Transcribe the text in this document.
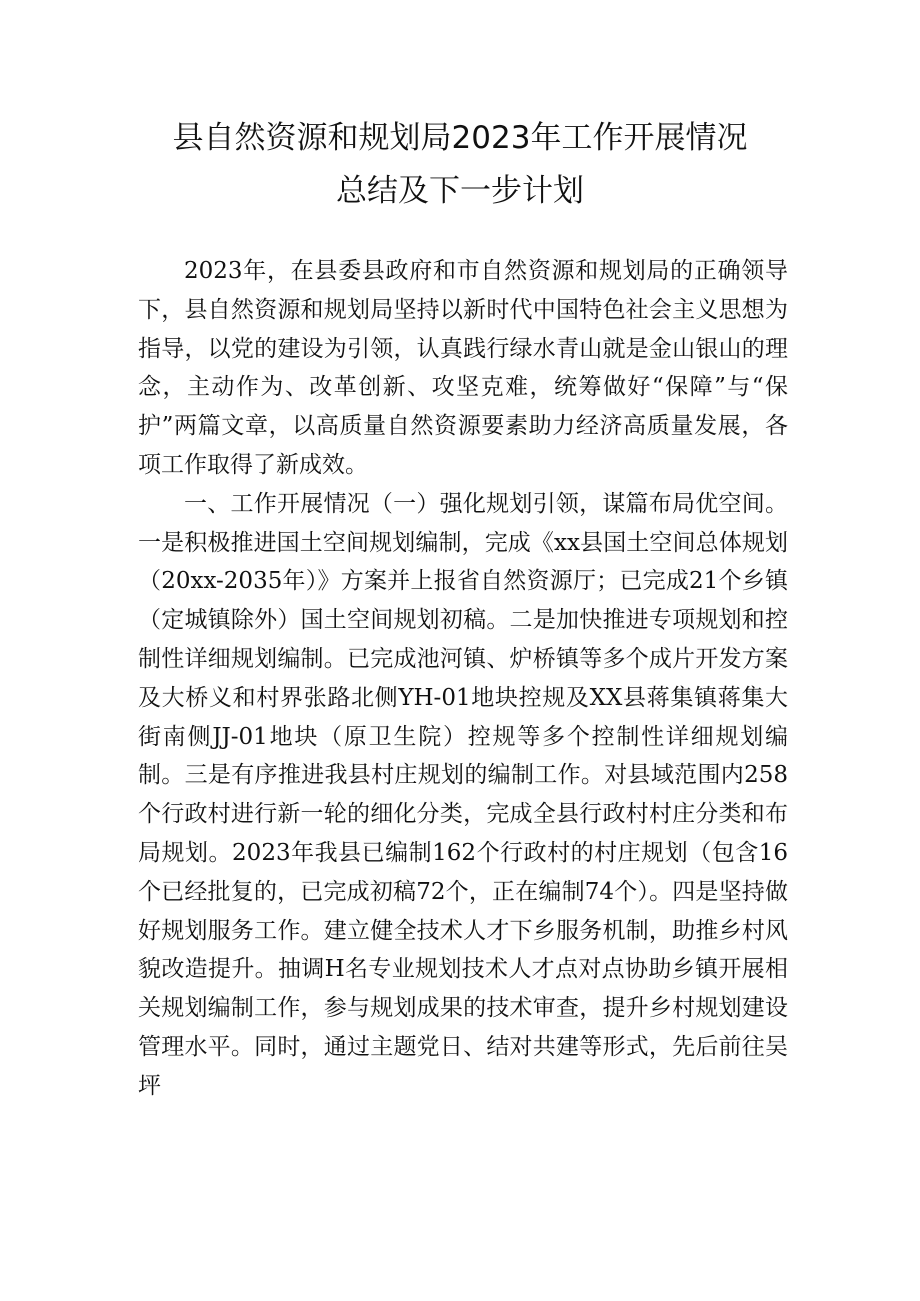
县自然资源和规划局2023年工作开展情况
总结及下一步计划

2023年，在县委县政府和市自然资源和规划局的正确领导下，县自然资源和规划局坚持以新时代中国特色社会主义思想为指导，以党的建设为引领，认真践行绿水青山就是金山银山的理念，主动作为、改革创新、攻坚克难，统筹做好“保障”与“保护”两篇文章，以高质量自然资源要素助力经济高质量发展，各项工作取得了新成效。

一、工作开展情况（一）强化规划引领，谋篇布局优空间。一是积极推进国土空间规划编制，完成《xx县国土空间总体规划（20xx-2035年）》方案并上报省自然资源厅；已完成21个乡镇（定城镇除外）国土空间规划初稿。二是加快推进专项规划和控制性详细规划编制。已完成池河镇、炉桥镇等多个成片开发方案及大桥义和村界张路北侧YH-01地块控规及XX县蒋集镇蒋集大街南侧JJ-01地块（原卫生院）控规等多个控制性详细规划编制。三是有序推进我县村庄规划的编制工作。对县域范围内258个行政村进行新一轮的细化分类，完成全县行政村村庄分类和布局规划。2023年我县已编制162个行政村的村庄规划（包含16个已经批复的，已完成初稿72个，正在编制74个）。四是坚持做好规划服务工作。建立健全技术人才下乡服务机制，助推乡村风貌改造提升。抽调H名专业规划技术人才点对点协助乡镇开展相关规划编制工作，参与规划成果的技术审查，提升乡村规划建设管理水平。同时，通过主题党日、结对共建等形式，先后前往吴坪
